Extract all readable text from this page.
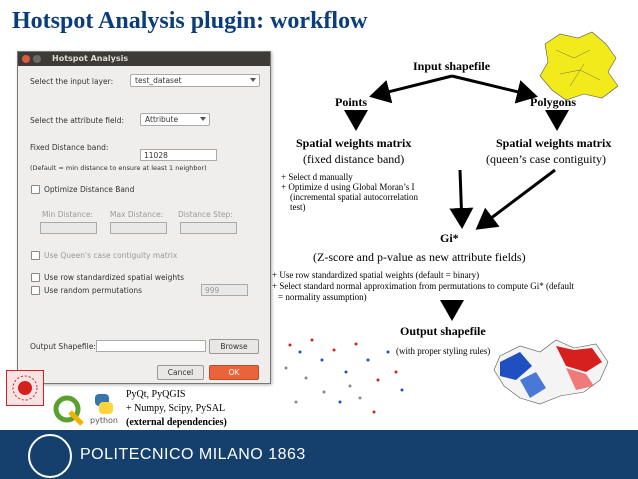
Hotspot Analysis plugin: workflow
Hotspot Analysis
Select the input layer:	test_dataset
Select the attribute field:	Attribute
Fixed Distance band:
11028
(Default = min distance to ensure at least 1 neighbor)
Optimize Distance Band
Min Distance: Max Distance: Distance Step:
Use Queen's case contiguity matrix
Use row standardized spatial weights
Use random permutations	999
Output Shapefile:	Browse
Cancel	OK
Input shapefile
Points	Polygons
Spatial weights matrix
(fixed distance band)
Spatial weights matrix
(queen’s case contiguity)
+ Select d manually
+ Optimize d using Global Moran’s I
(incremental spatial autocorrelation
test)
Gi*
(Z-score and p-value as new attribute fields)
+ Use row standardized spatial weights (default = binary)
+ Select standard normal approximation from permutations to compute Gi* (default
= normality assumption)
Output shapefile
(with proper styling rules)
python
PyQt, PyQGIS
+ Numpy, Scipy, PySAL
(external dependencies)
POLITECNICO MILANO 1863
